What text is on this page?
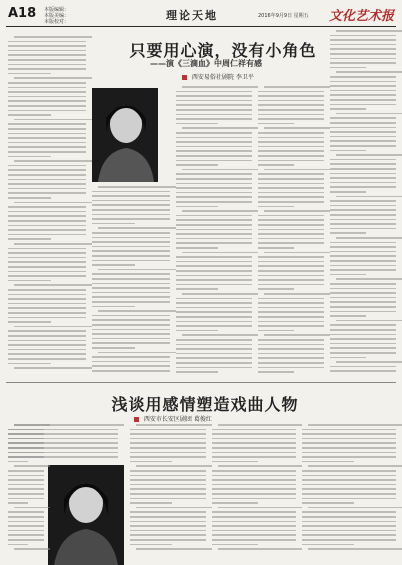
A18 本版编辑：
本版美编：
本版校对：	理论天地	2016年9月9日 星期五 文化艺术报
只要用心演，没有小角色
——演《三滴血》中周仁祥有感
西安易俗社剧院 李卫平
浅谈用感情塑造戏曲人物
西安市长安区剧团 葛俊红
